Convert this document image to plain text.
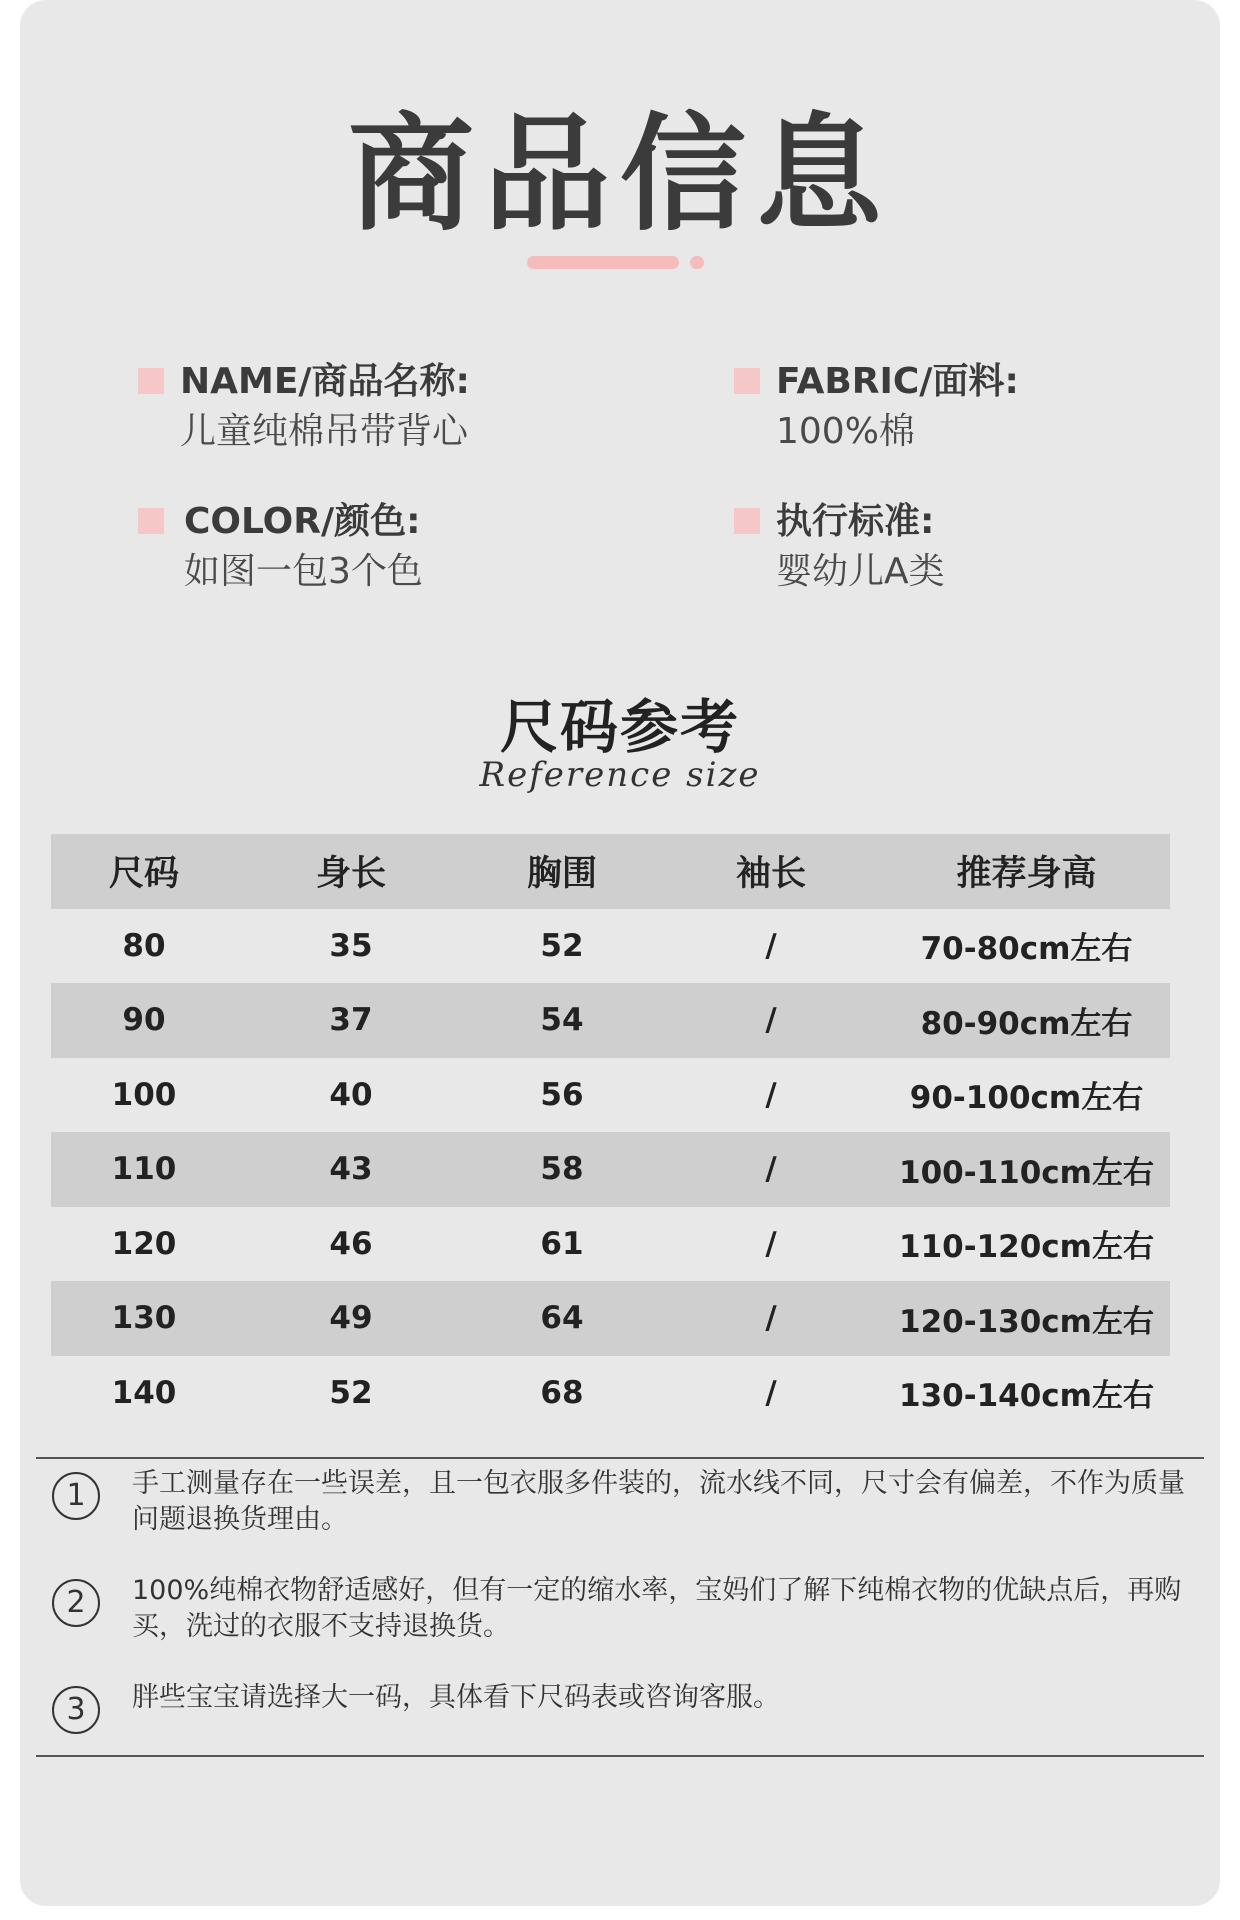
商品信息
NAME/商品名称:
儿童纯棉吊带背心
FABRIC/面料:
100%棉
COLOR/颜色:
如图一包3个色
执行标准:
婴幼儿A类
尺码参考
Reference size
尺码	身长	胸围	袖长	推荐身高
80	35	52	/	70-80cm左右
90	37	54	/	80-90cm左右
100	40	56	/	90-100cm左右
110	43	58	/	100-110cm左右
120	46	61	/	110-120cm左右
130	49	64	/	120-130cm左右
140	52	68	/	130-140cm左右
1	手工测量存在一些误差，且一包衣服多件装的，流水线不同，尺寸会有偏差，不作为质量问题退换货理由。
2	100%纯棉衣物舒适感好，但有一定的缩水率，宝妈们了解下纯棉衣物的优缺点后，再购买，洗过的衣服不支持退换货。
3	胖些宝宝请选择大一码，具体看下尺码表或咨询客服。
